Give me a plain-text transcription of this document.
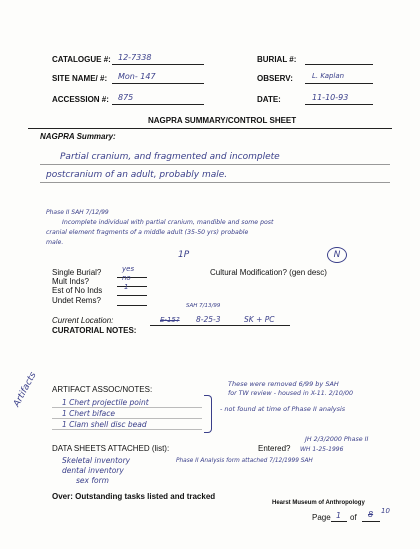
CATALOGUE #: 12-7338	BURIAL #:
SITE NAME/ #: Mon- 147	OBSERV:	L. Kaplan
ACCESSION #: 875	DATE:	11-10-93
NAGPRA SUMMARY/CONTROL SHEET
NAGPRA Summary:
Partial cranium, and fragmented and incomplete
postcranium of an adult, probably male.
Phase II SAH 7/12/99
Incomplete individual with partial cranium, mandible and some post
cranial element fragments of a middle adult (35-50 yrs) probable
male.
1P	N
Single Burial?	yes	Cultural Modification? (gen desc)
Mult Inds?	no
Est of No Inds	1
Undet Rems?
Current Location:	E-15?
SAH 7/13/99
8-25-3	SK + PC
CURATORIAL NOTES:
Artifacts ARTIFACT ASSOC/NOTES:
1 Chert projectile point
1 Chert biface
1 Clam shell disc bead
These were removed 6/99 by SAH
for TW review - housed in X-11. 2/10/00
- not found at time of Phase II analysis
DATA SHEETS ATTACHED (list):
Skeletal inventory
dental inventory
sex form
Entered?
JH 2/3/2000 Phase II
WH 1-25-1996
Phase II Analysis form attached 7/12/1999 SAH
Over: Outstanding tasks listed and tracked
Hearst Museum of Anthropology
Page 1 of 8 10
